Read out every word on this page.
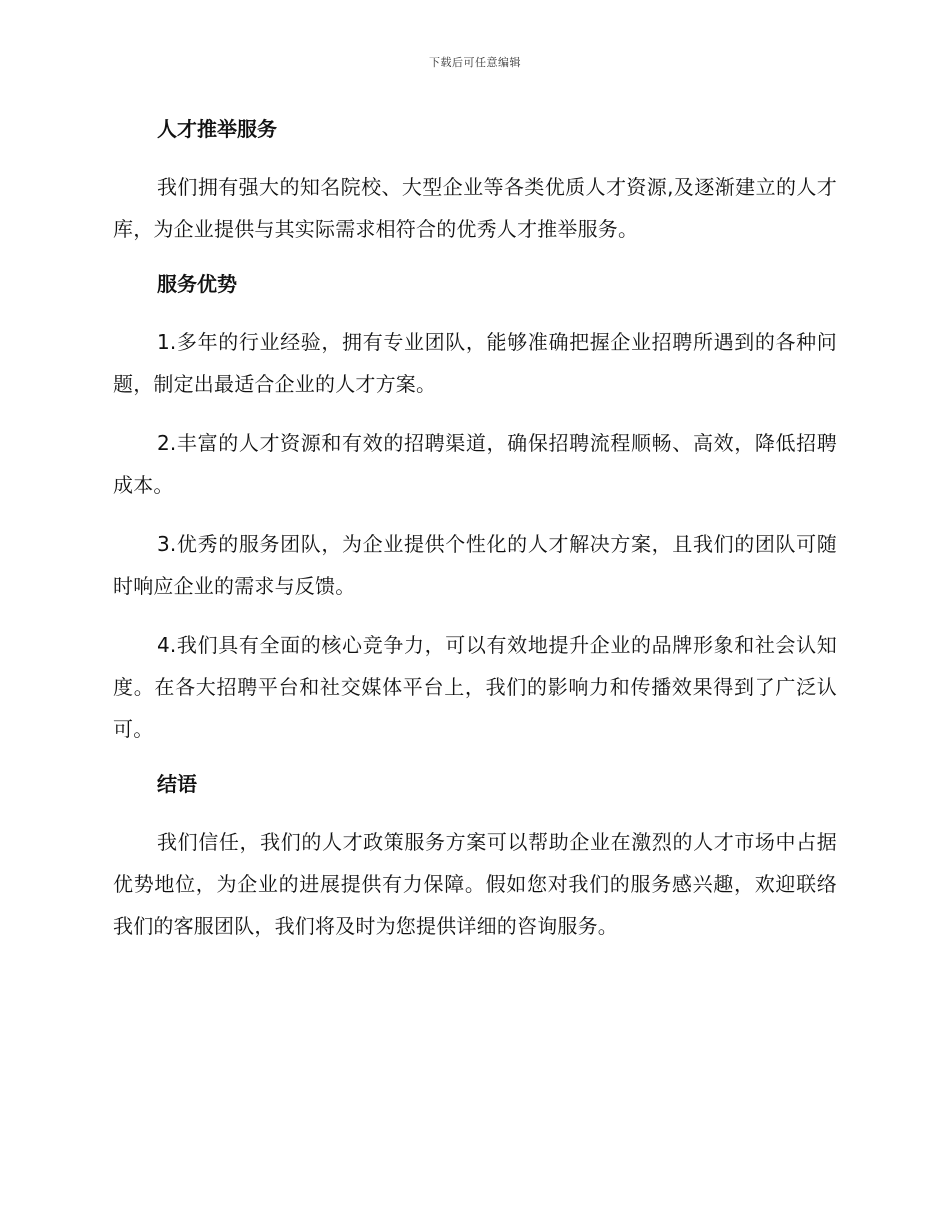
下载后可任意编辑
人才推举服务

我们拥有强大的知名院校、大型企业等各类优质人才资源,及逐渐建立的人才库，为企业提供与其实际需求相符合的优秀人才推举服务。

服务优势

1.多年的行业经验，拥有专业团队，能够准确把握企业招聘所遇到的各种问题，制定出最适合企业的人才方案。

2.丰富的人才资源和有效的招聘渠道，确保招聘流程顺畅、高效，降低招聘成本。

3.优秀的服务团队，为企业提供个性化的人才解决方案，且我们的团队可随时响应企业的需求与反馈。

4.我们具有全面的核心竞争力，可以有效地提升企业的品牌形象和社会认知度。在各大招聘平台和社交媒体平台上，我们的影响力和传播效果得到了广泛认可。

结语

我们信任，我们的人才政策服务方案可以帮助企业在激烈的人才市场中占据优势地位，为企业的进展提供有力保障。假如您对我们的服务感兴趣，欢迎联络我们的客服团队，我们将及时为您提供详细的咨询服务。
